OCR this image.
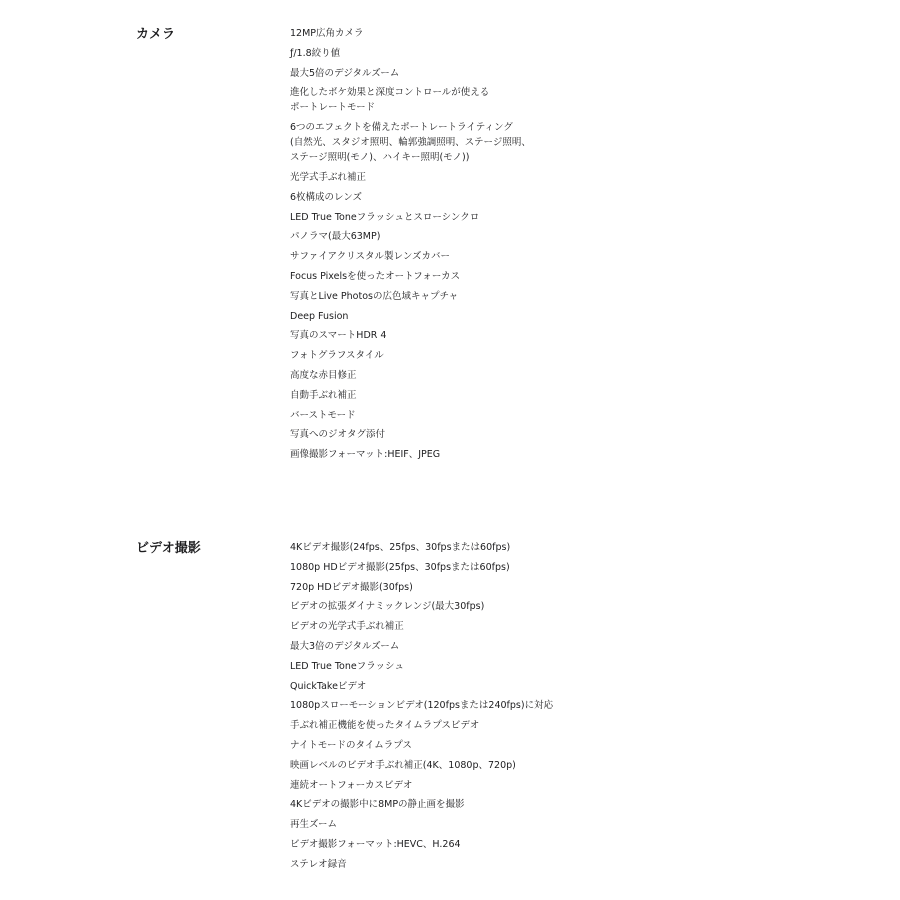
カメラ	12MP広角カメラ
ƒ/1.8絞り値
最大5倍のデジタルズーム
進化したボケ効果と深度コントロールが使える
ポートレートモード
6つのエフェクトを備えたポートレートライティング
(自然光、スタジオ照明、輪郭強調照明、ステージ照明、
ステージ照明(モノ)、ハイキー照明(モノ))
光学式手ぶれ補正
6枚構成のレンズ
LED True Toneフラッシュとスローシンクロ
パノラマ(最大63MP)
サファイアクリスタル製レンズカバー
Focus Pixelsを使ったオートフォーカス
写真とLive Photosの広色域キャプチャ
Deep Fusion
写真のスマートHDR 4
フォトグラフスタイル
高度な赤目修正
自動手ぶれ補正
バーストモード
写真へのジオタグ添付
画像撮影フォーマット:HEIF、JPEG
ビデオ撮影	4Kビデオ撮影(24fps、25fps、30fpsまたは60fps)
1080p HDビデオ撮影(25fps、30fpsまたは60fps)
720p HDビデオ撮影(30fps)
ビデオの拡張ダイナミックレンジ(最大30fps)
ビデオの光学式手ぶれ補正
最大3倍のデジタルズーム
LED True Toneフラッシュ
QuickTakeビデオ
1080pスローモーションビデオ(120fpsまたは240fps)に対応
手ぶれ補正機能を使ったタイムラプスビデオ
ナイトモードのタイムラプス
映画レベルのビデオ手ぶれ補正(4K、1080p、720p)
連続オートフォーカスビデオ
4Kビデオの撮影中に8MPの静止画を撮影
再生ズーム
ビデオ撮影フォーマット:HEVC、H.264
ステレオ録音
